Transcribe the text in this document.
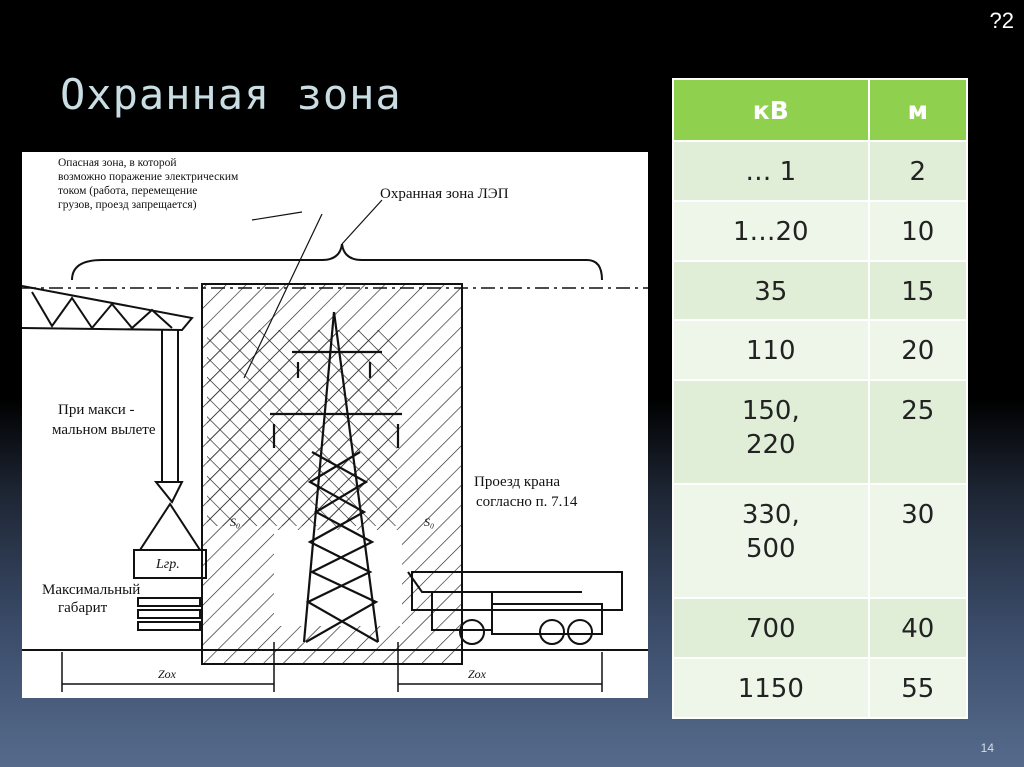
?2
Охранная зона
Опасная зона, в которой возможно поражение электрическим током (работа, перемещение грузов, проезд запрещается)
Охранная зона ЛЭП
При макси - мальном вылете
Максимальный габарит
Проезд крана согласно п. 7.14
Lгр.
S₀	S₀
Zox	Zox
кВ	м
… 1	2
1…20	10
35	15
110	20
150,
220	25
330,
500	30
700	40
1150	55
14
